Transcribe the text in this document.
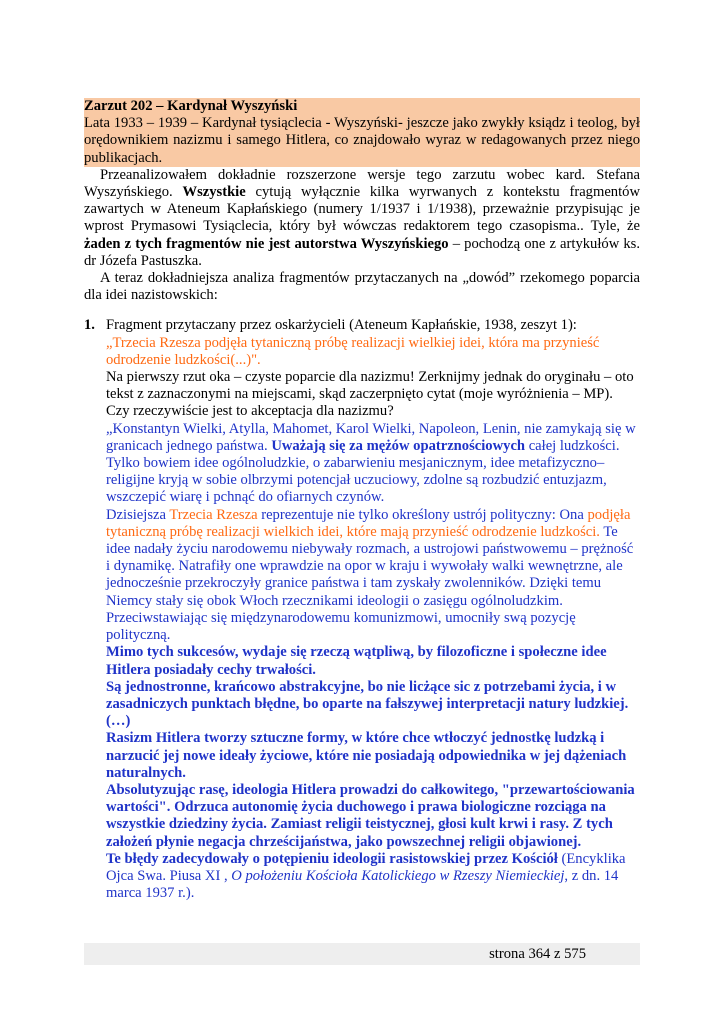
Zarzut 202 – Kardynał Wyszyński

Lata 1933 – 1939 – Kardynał tysiąclecia - Wyszyński- jeszcze jako zwykły ksiądz i teolog, był orędownikiem nazizmu i samego Hitlera, co znajdowało wyraz w redagowanych przez niego publikacjach.

Przeanalizowałem dokładnie rozszerzone wersje tego zarzutu wobec kard. Stefana Wyszyńskiego. Wszystkie cytują wyłącznie kilka wyrwanych z kontekstu fragmentów zawartych w Ateneum Kapłańskiego (numery 1/1937 i 1/1938), przeważnie przypisując je wprost Prymasowi Tysiąclecia, który był wówczas redaktorem tego czasopisma.. Tyle, że żaden z tych fragmentów nie jest autorstwa Wyszyńskiego – pochodzą one z artykułów ks. dr Józefa Pastuszka.

A teraz dokładniejsza analiza fragmentów przytaczanych na „dowód” rzekomego poparcia dla idei nazistowskich:

1. Fragment przytaczany przez oskarżycieli (Ateneum Kapłańskie, 1938, zeszyt 1):

„Trzecia Rzesza podjęła tytaniczną próbę realizacji wielkiej idei, która ma przynieść odrodzenie ludzkości(...)".

Na pierwszy rzut oka – czyste poparcie dla nazizmu! Zerknijmy jednak do oryginału – oto tekst z zaznaczonymi na miejscami, skąd zaczerpnięto cytat (moje wyróżnienia – MP). Czy rzeczywiście jest to akceptacja dla nazizmu?

„Konstantyn Wielki, Atylla, Mahomet, Karol Wielki, Napoleon, Lenin, nie zamykają się w granicach jednego państwa. Uważają się za mężów opatrznościowych całej ludzkości. Tylko bowiem idee ogólnoludzkie, o zabarwieniu mesjanicznym, idee metafizyczno–religijne kryją w sobie olbrzymi potencjał uczuciowy, zdolne są rozbudzić entuzjazm, wszczepić wiarę i pchnąć do ofiarnych czynów.

Dzisiejsza Trzecia Rzesza reprezentuje nie tylko określony ustrój polityczny: Ona podjęła tytaniczną próbę realizacji wielkich idei, które mają przynieść odrodzenie ludzkości. Te idee nadały życiu narodowemu niebywały rozmach, a ustrojowi państwowemu – prężność i dynamikę. Natrafiły one wprawdzie na opor w kraju i wywołały walki wewnętrzne, ale jednocześnie przekroczyły granice państwa i tam zyskały zwolenników. Dzięki temu Niemcy stały się obok Włoch rzecznikami ideologii o zasięgu ogólnoludzkim. Przeciwstawiając się międzynarodowemu komunizmowi, umocniły swą pozycję polityczną.

Mimo tych sukcesów, wydaje się rzeczą wątpliwą, by filozoficzne i społeczne idee Hitlera posiadały cechy trwałości.

Są jednostronne, krańcowo abstrakcyjne, bo nie licżące sic z potrzebami życia, i w zasadniczych punktach błędne, bo oparte na fałszywej interpretacji natury ludzkiej. (…)

Rasizm Hitlera tworzy sztuczne formy, w które chce wtłoczyć jednostkę ludzką i narzucić jej nowe ideały życiowe, które nie posiadają odpowiednika w jej dążeniach naturalnych.

Absolutyzując rasę, ideologia Hitlera prowadzi do całkowitego, "przewartościowania wartości". Odrzuca autonomię życia duchowego i prawa biologiczne rozciąga na wszystkie dziedziny życia. Zamiast religii teistycznej, głosi kult krwi i rasy. Z tych założeń płynie negacja chrześcijaństwa, jako powszechnej religii objawionej.

Te błędy zadecydowały o potępieniu ideologii rasistowskiej przez Kościół (Encyklika Ojca Swa. Piusa XI , O położeniu Kościoła Katolickiego w Rzeszy Niemieckiej, z dn. 14 marca 1937 r.).

strona 364 z 575
